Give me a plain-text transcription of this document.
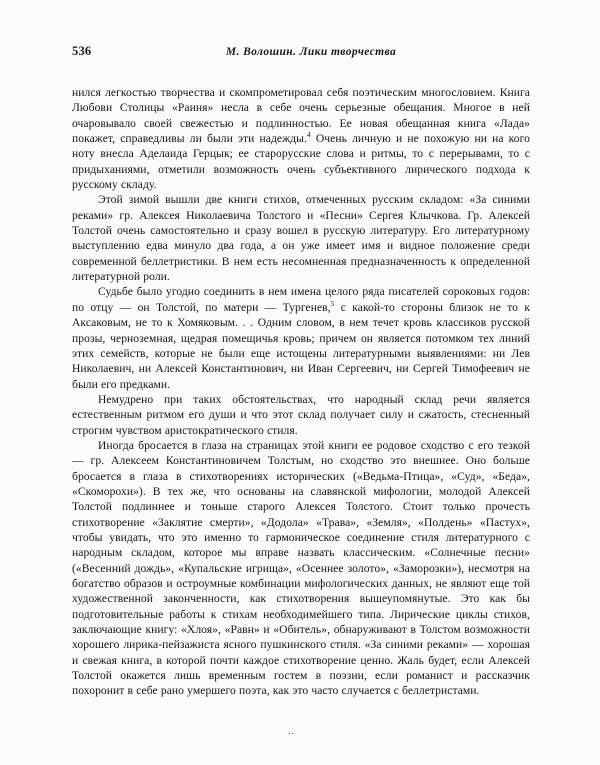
536	М. Волошин. Лики творчества

нился легкостью творчества и скомпрометировал себя поэтическим многословием. Книга Любови Столицы «Раиня» несла в себе очень серьезные обещания. Многое в ней очаровывало своей свежестью и подлинностью. Ее новая обещанная книга «Лада» покажет, справедливы ли были эти надежды.$^4$ Очень личную и не похожую ни на кого ноту внесла Аделаида Герцык; ее старорусские слова и ритмы, то с перерывами, то с придыханиями, отметили возможность очень субъективного лирического подхода к русскому складу.

Этой зимой вышли две книги стихов, отмеченных русским складом: «За синими реками» гр. Алексея Николаевича Толстого и «Песни» Сергея Клычкова. Гр. Алексей Толстой очень самостоятельно и сразу вошел в русскую литературу. Его литературному выступлению едва минуло два года, а он уже имеет имя и видное положение среди современной беллетристики. В нем есть несомненная предназначенность к определенной литературной роли.

Судьбе было угодно соединить в нем имена целого ряда писателей сороковых годов: по отцу — он Толстой, по матери — Тургенев,$^5$ с какой-то стороны близок не то к Аксаковым, не то к Хомяковым. . . Одним словом, в нем течет кровь классиков русской прозы, черноземная, щедрая помещичья кровь; причем он является потомком тех линий этих семейств, которые не были еще истощены литературными выявлениями: ни Лев Николаевич, ни Алексей Константинович, ни Иван Сергеевич, ни Сергей Тимофеевич не были его предками.

Немудрено при таких обстоятельствах, что народный склад речи является естественным ритмом его души и что этот склад получает силу и сжатость, стесненный строгим чувством аристократического стиля.

Иногда бросается в глаза на страницах этой книги ее родовое сходство с его тезкой — гр. Алексеем Константиновичем Толстым, но сходство это внешнее. Оно больше бросается в глаза в стихотворениях исторических («Ведьма-Птица», «Суд», «Беда», «Скоморохи»). В тех же, что основаны на славянской мифологии, молодой Алексей Толстой подлиннее и тоньше старого Алексея Толстого. Стоит только прочесть стихотворение «Заклятие смерти», «Додола» «Трава», «Земля», «Полдень» «Пастух», чтобы увидать, что это именно то гармоническое соединение стиля литературного с народным складом, которое мы вправе назвать классическим. «Солнечные песни» («Весенний дождь», «Купальские игрища», «Осеннее золото», «Заморозки»), несмотря на богатство образов и остроумные комбинации мифологических данных, не являют еще той художественной законченности, как стихотворения вышеупомянутые. Это как бы подготовительные работы к стихам необходимейшего типа. Лирические циклы стихов, заключающие книгу: «Хлоя», «Равн» и «Обитель», обнаруживают в Толстом возможности хорошего лирика-пейзажиста ясного пушкинского стиля. «За синими реками» — хорошая и свежая книга, в которой почти каждое стихотворение ценно. Жаль будет, если Алексей Толстой окажется лишь временным гостем в поэзии, если романист и рассказчик похоронит в себе рано умершего поэта, как это часто случается с беллетристами.

..
